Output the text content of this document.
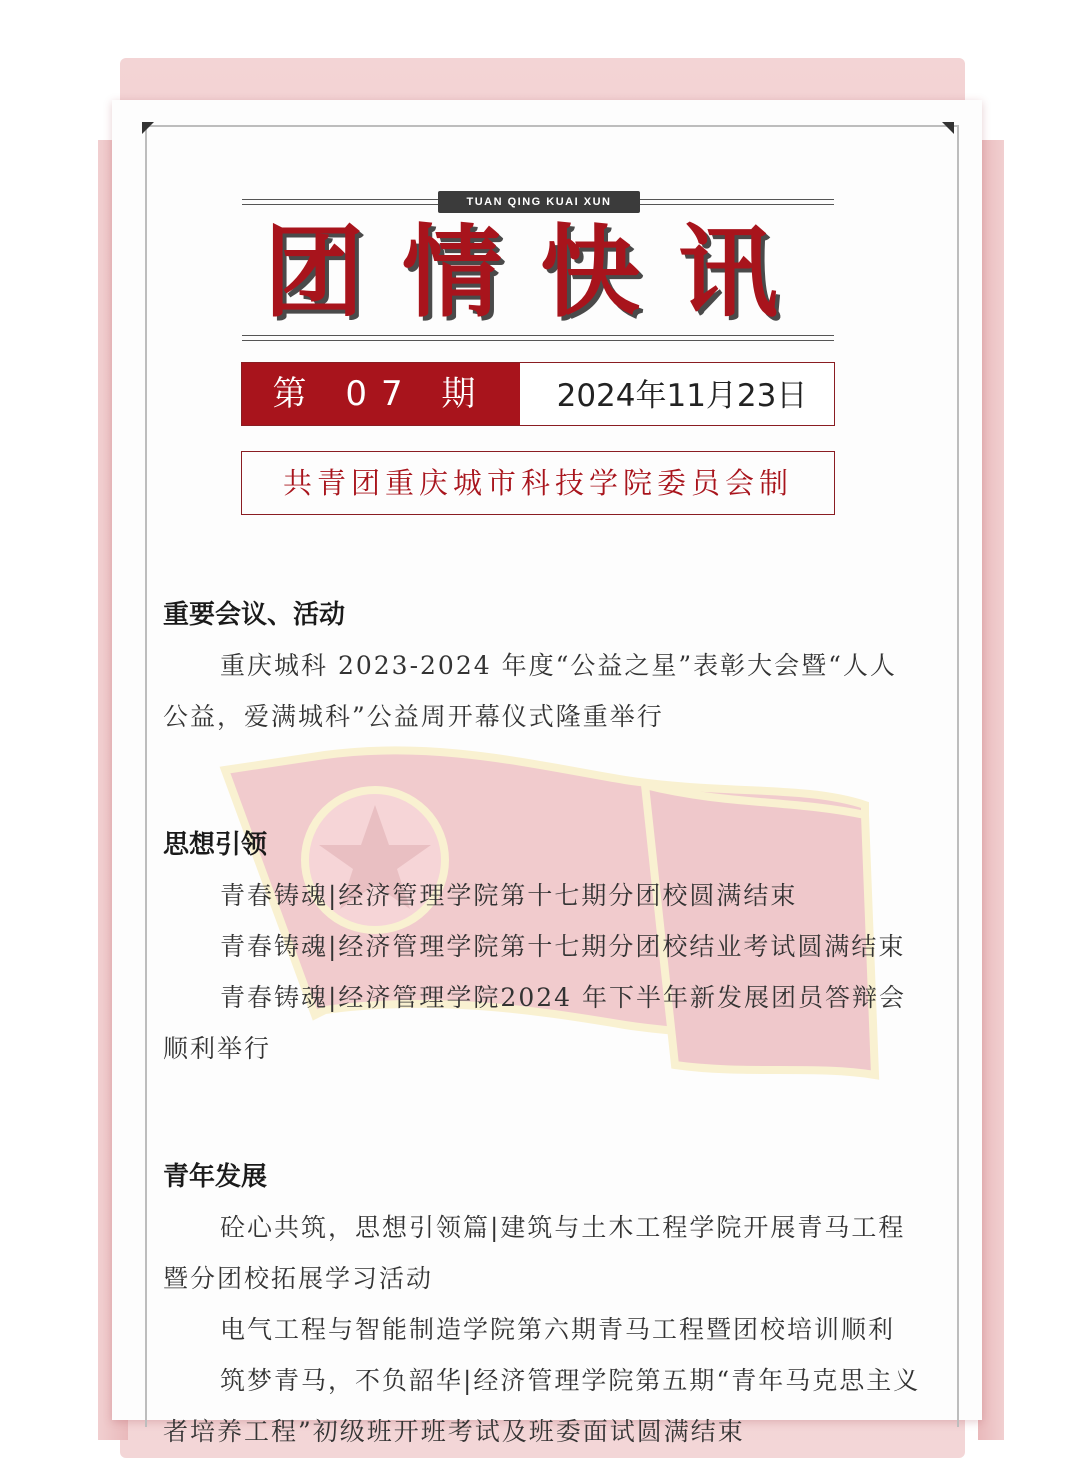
TUAN QING KUAI XUN
团情快讯
第 07 期	2024年11月23日
共青团重庆城市科技学院委员会制
重要会议、活动

重庆城科 2023-2024 年度“公益之星”表彰大会暨“人人公益，爱满城科”公益周开幕仪式隆重举行

思想引领

青春铸魂|经济管理学院第十七期分团校圆满结束

青春铸魂|经济管理学院第十七期分团校结业考试圆满结束

青春铸魂|经济管理学院2024 年下半年新发展团员答辩会顺利举行

青年发展

砼心共筑，思想引领篇|建筑与土木工程学院开展青马工程暨分团校拓展学习活动

电气工程与智能制造学院第六期青马工程暨团校培训顺利

筑梦青马，不负韶华|经济管理学院第五期“青年马克思主义者培养工程”初级班开班考试及班委面试圆满结束
